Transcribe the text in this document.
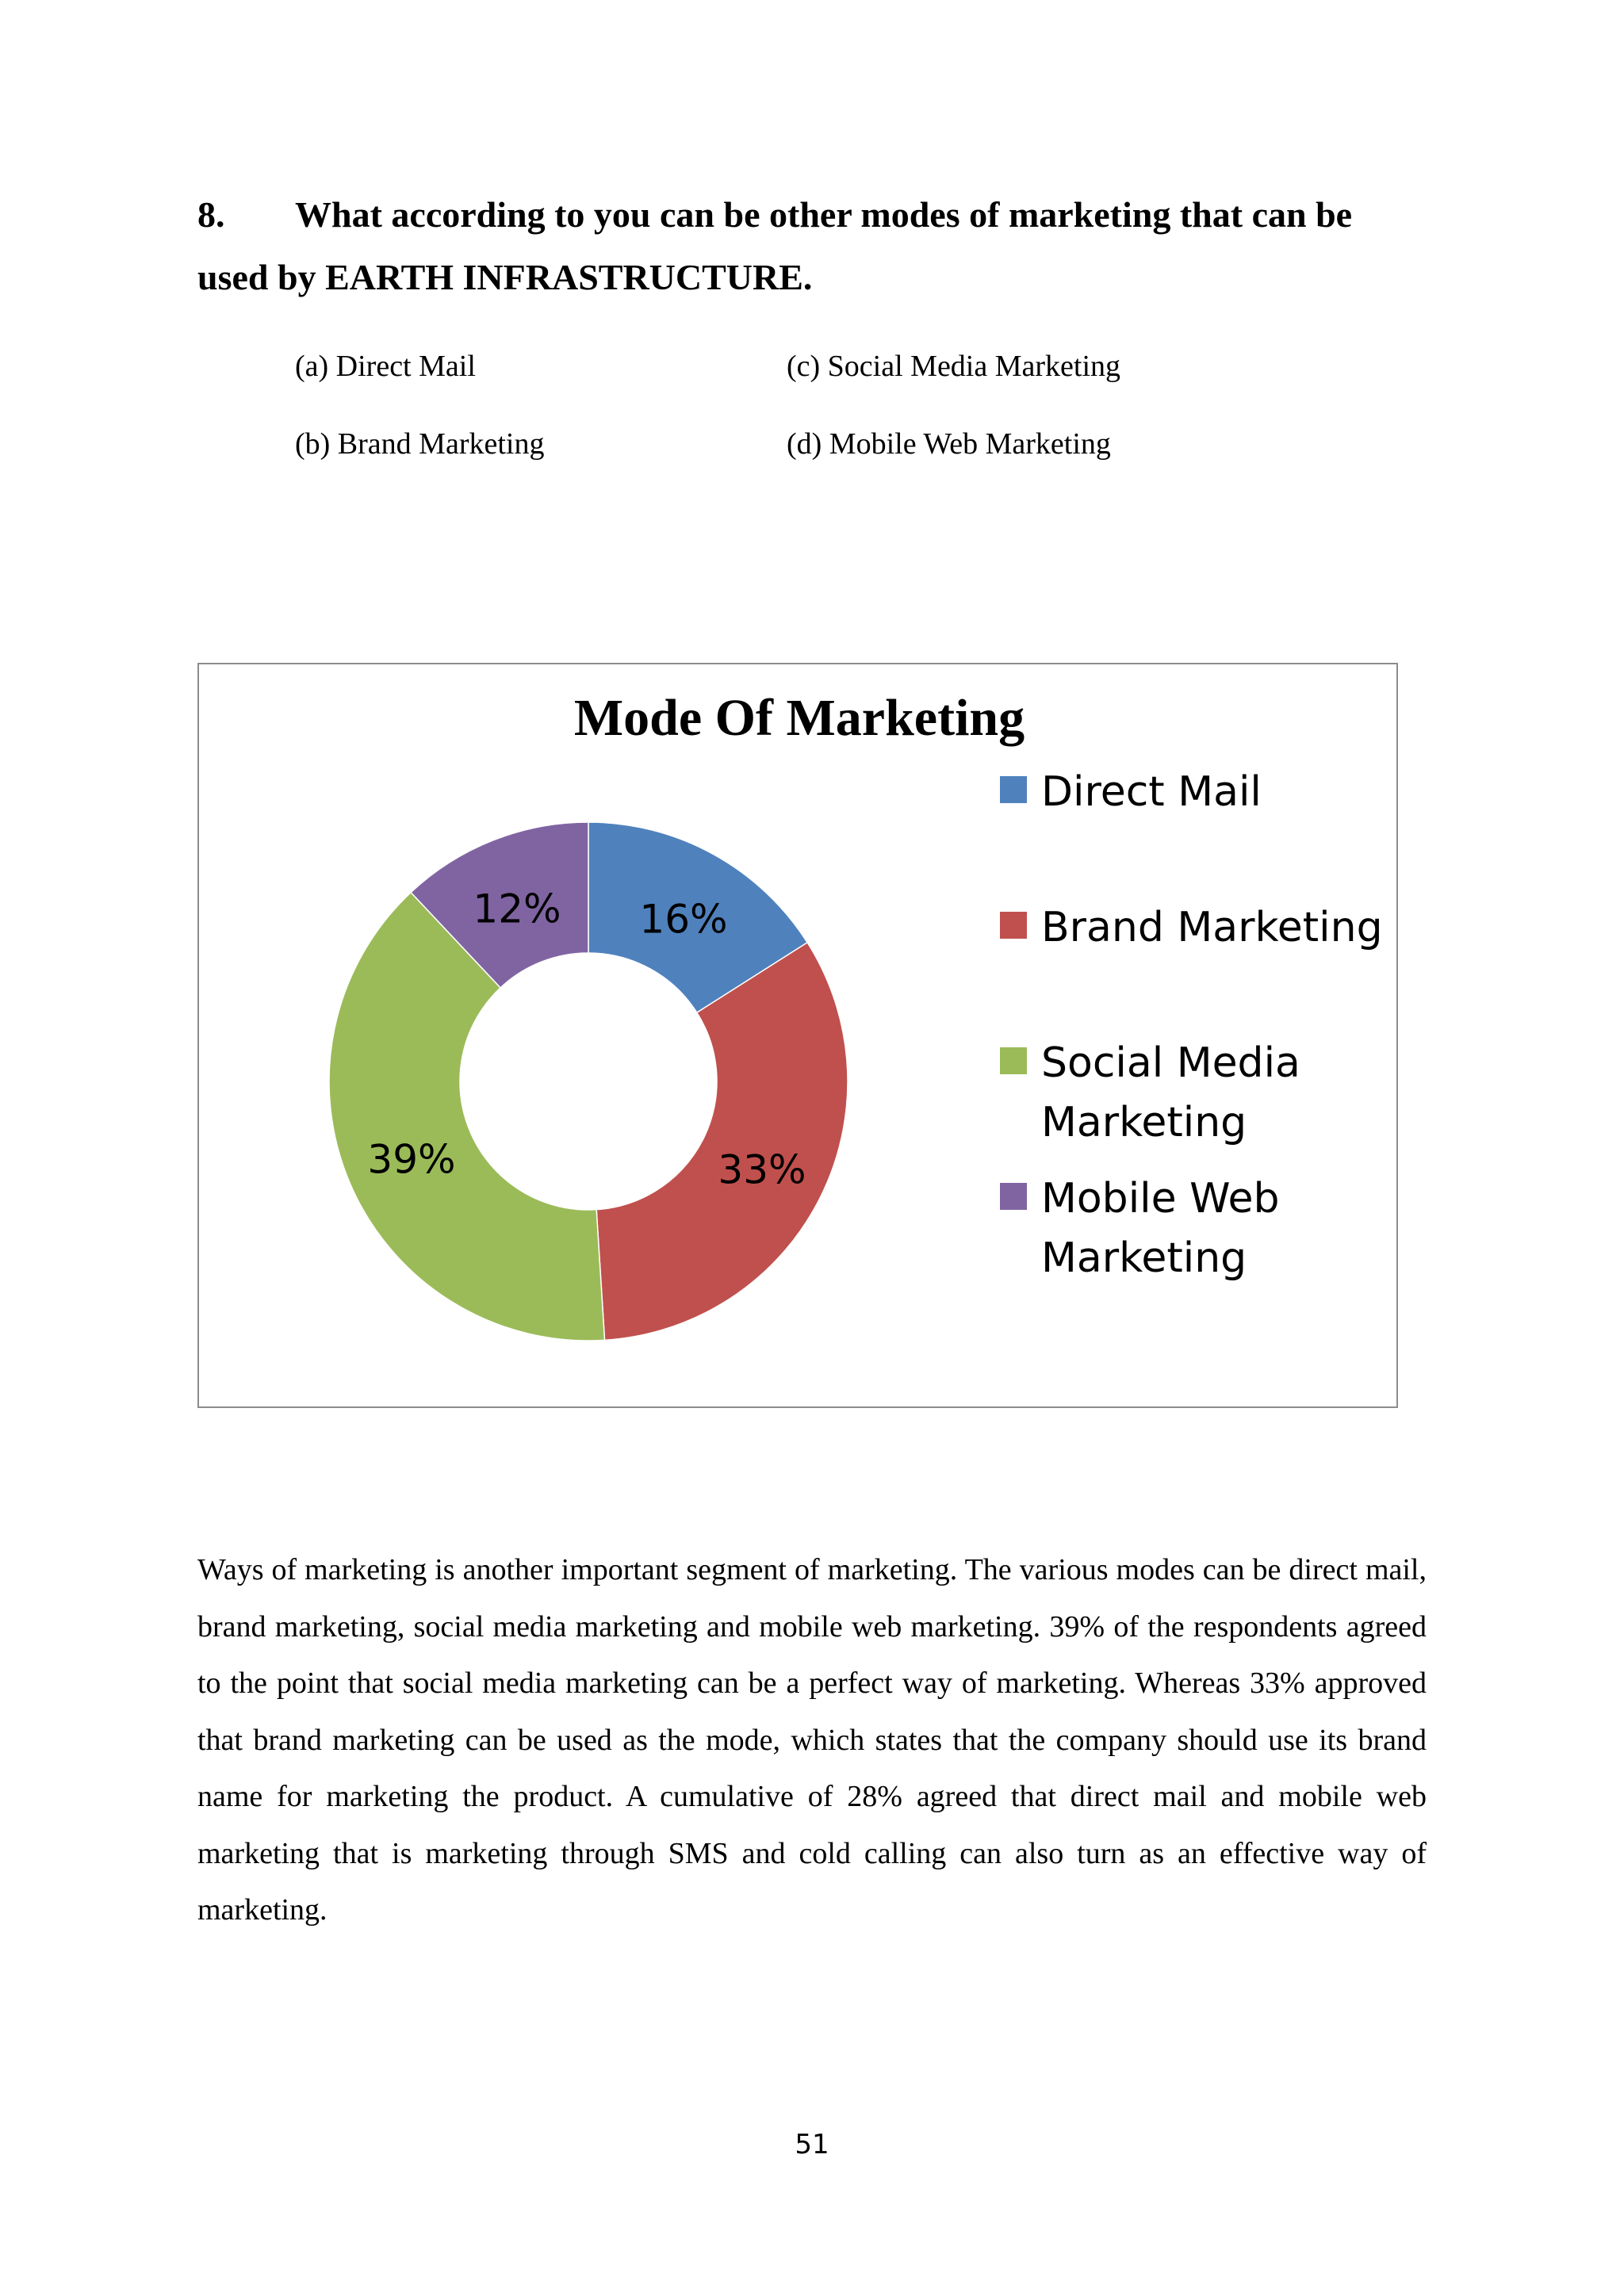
8. What according to you can be other modes of marketing that can be
used by EARTH INFRASTRUCTURE.
(a) Direct Mail	(c) Social Media Marketing
(b) Brand Marketing	(d) Mobile Web Marketing
Mode Of Marketing
16%
33%
39%
12%
Direct Mail
Brand Marketing
Social Media Marketing
Mobile Web Marketing
Ways of marketing is another important segment of marketing. The various modes can be direct mail, brand marketing, social media marketing and mobile web marketing. 39% of the respondents agreed to the point that social media marketing can be a perfect way of marketing. Whereas 33% approved that brand marketing can be used as the mode, which states that the company should use its brand name for marketing the product. A cumulative of 28% agreed that direct mail and mobile web marketing that is marketing through SMS and cold calling can also turn as an effective way of marketing.
51
